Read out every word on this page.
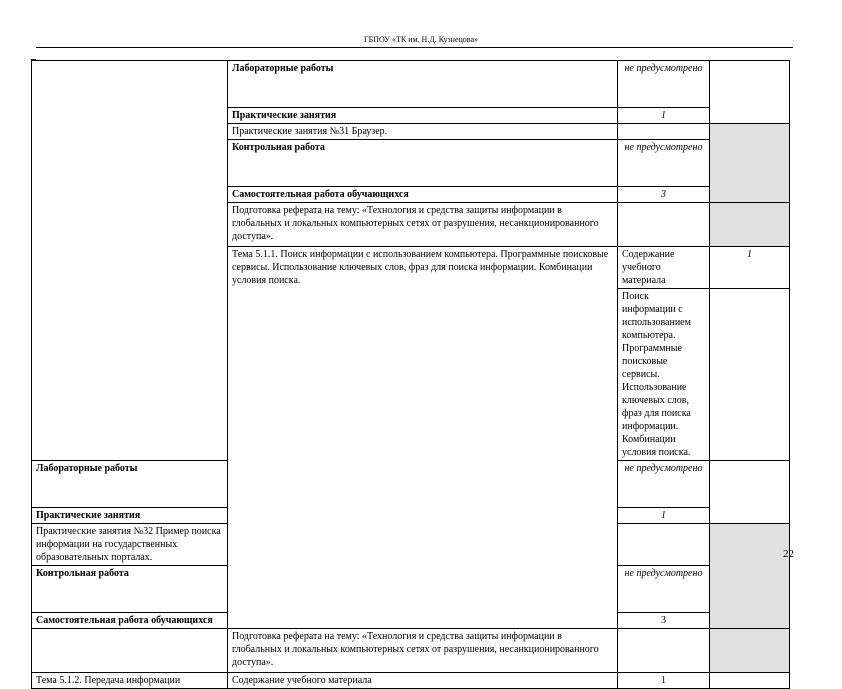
ГБПОУ «ТК им. Н.Д. Кузнецова»
	Лабораторные работы	не предусмотрено		
	Практические занятия	1		
	Практические занятия №31 Браузер.			
	Контрольная работа	не предусмотрено		
	Самостоятельная работа обучающихся	3		
	Подготовка реферата на тему: «Технология и средства защиты информации в глобальных и локальных компьютерных сетях от разрушения, несанкционированного доступа».			
	Тема 5.1.1. Поиск информации с использованием компьютера. Программные поисковые сервисы. Использование ключевых слов, фраз для поиска информации. Комбинации условия поиска.	Содержание учебного материала	1	
		Поиск информации с использованием компьютера. Программные поисковые сервисы. Использование ключевых слов, фраз для поиска информации. Комбинации условия поиска.		
Лабораторные работы		не предусмотрено		
Практические занятия		1		
Практические занятия №32 Пример поиска информации на государственных образовательных порталах.				
Контрольная работа		не предусмотрено		
Самостоятельная работа обучающихся		3		
	Подготовка реферата на тему: «Технология и средства защиты информации в глобальных и локальных компьютерных сетях от разрушения, несанкционированного доступа».			
Тема 5.1.2. Передача информации	Содержание учебного материала	1		
22
